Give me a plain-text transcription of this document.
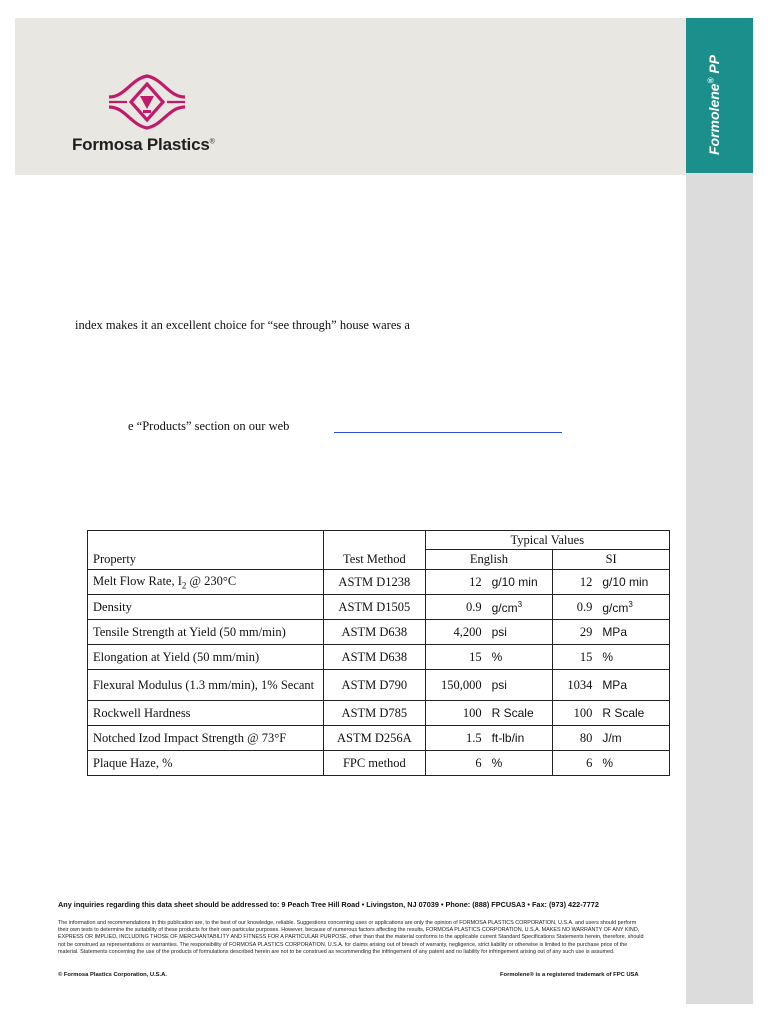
Formosa Plastics®	Formolene® PP
index makes it an excellent choice for “see through” house wares a
e “Products” section on our web
		Typical Values	
Property	Test Method	English	SI
Melt Flow Rate, $I_2$ @ 230°C	ASTM D1238	12 g/10 min	12 g/10 min

Density	ASTM D1505	0.9 $g/cm^3$	0.9 $g/cm^3$

Tensile Strength at Yield (50 mm/min)	ASTM D638	4,200 psi	29 MPa

Elongation at Yield (50 mm/min)	ASTM D638	15 %	15 %

Flexural Modulus (1.3 mm/min), 1% Secant	ASTM D790	150,000 psi	1034 MPa

Rockwell Hardness	ASTM D785	100 R Scale	100 R Scale

Notched Izod Impact Strength @ 73°F	ASTM D256A	1.5 ft-lb/in	80 J/m

Plaque Haze, %	FPC method	6 %	6 %
Any inquiries regarding this data sheet should be addressed to: 9 Peach Tree Hill Road • Livingston, NJ 07039 • Phone: (888) FPCUSA3 • Fax: (973) 422-7772
The information and recommendations in this publication are, to the best of our knowledge, reliable. Suggestions concerning uses or applications are only the opinion of FORMOSA PLASTICS CORPORATION, U.S.A. and users should perform their own tests to determine the suitability of these products for their own particular purposes. However, because of numerous factors affecting the results, FORMOSA PLASTICS CORPORATION, U.S.A. MAKES NO WARRANTY OF ANY KIND, EXPRESS OR IMPLIED, INCLUDING THOSE OF MERCHANTABILITY AND FITNESS FOR A PARTICULAR PURPOSE, other than that the material conforms to the applicable current Standard Specifications Statements herein, therefore, should not be construed as representations or warranties. The responsibility of FORMOSA PLASTICS CORPORATION, U.S.A. for claims arising out of breach of warranty, negligence, strict liability or otherwise is limited to the purchase price of the material. Statements concerning the use of the products of formulations described herein are not to be construed as recommending the infringement of any patent and no liability for infringement arising out of any such use is assumed.
© Formosa Plastics Corporation, U.S.A.	Formolene® is a registered trademark of FPC USA
